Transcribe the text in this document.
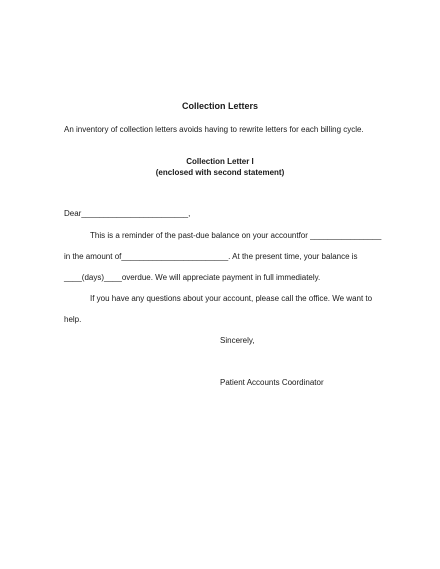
Collection Letters
An inventory of collection letters avoids having to rewrite letters for each billing cycle.
Collection Letter I
(enclosed with second statement)
Dear________________________,
This is a reminder of the past-due balance on your accountfor ________________
in the amount of________________________. At the present time, your balance is
____(days)____overdue. We will appreciate payment in full immediately.
If you have any questions about your account, please call the office. We want to
help.
Sincerely,
Patient Accounts Coordinator
